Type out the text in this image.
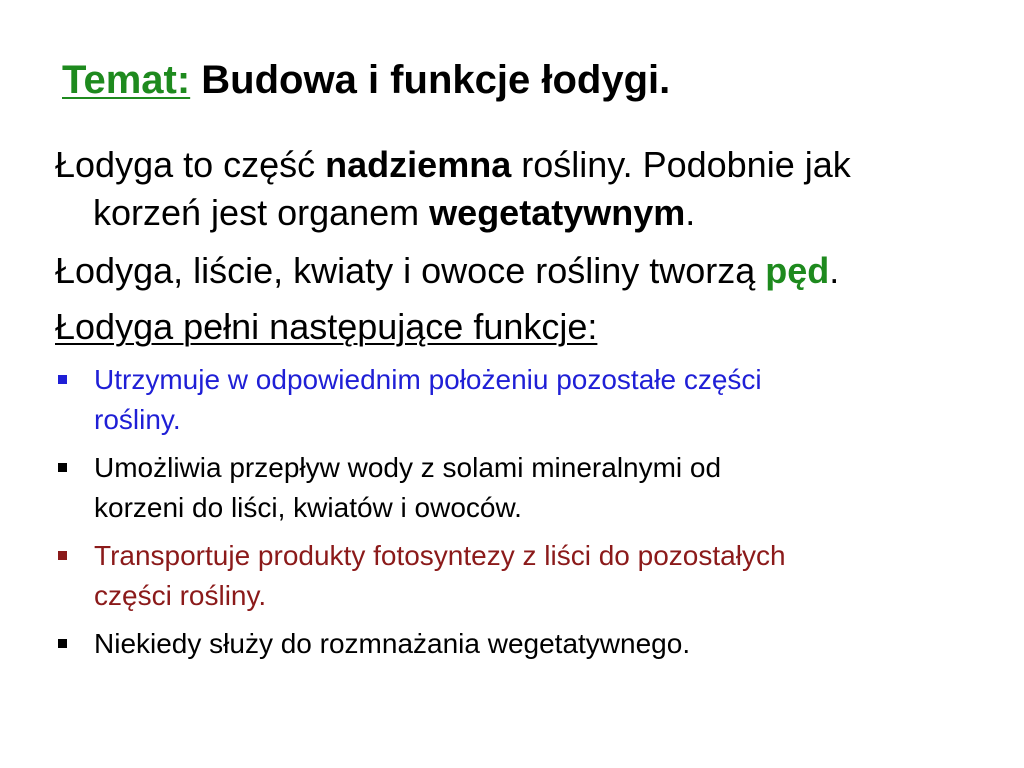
Temat: Budowa i funkcje łodygi.
Łodyga to część nadziemna rośliny. Podobnie jak
korzeń jest organem wegetatywnym.
Łodyga, liście, kwiaty i owoce rośliny tworzą pęd.
Łodyga pełni następujące funkcje:
Utrzymuje w odpowiednim położeniu pozostałe części
rośliny.
Umożliwia przepływ wody z solami mineralnymi od
korzeni do liści, kwiatów i owoców.
Transportuje produkty fotosyntezy z liści do pozostałych
części rośliny.
Niekiedy służy do rozmnażania wegetatywnego.
